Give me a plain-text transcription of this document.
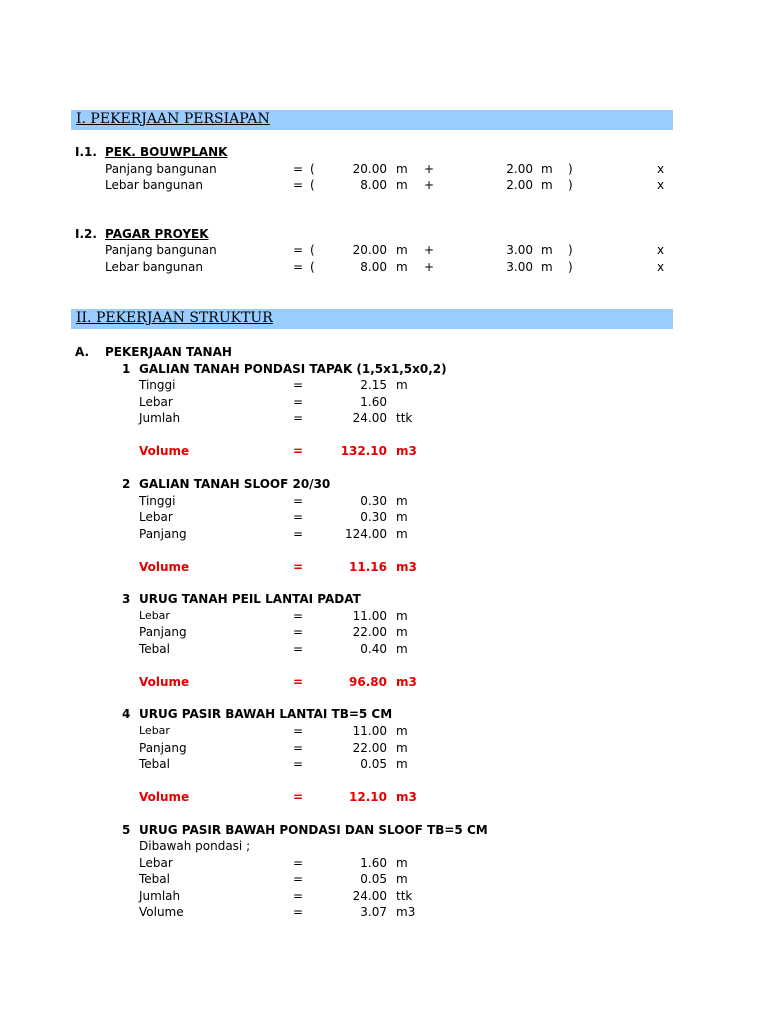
I. PEKERJAAN PERSIAPAN
I.1. PEK. BOUWPLANK
Panjang bangunan	= (	20.00 m +	2.00 m )	x
Lebar bangunan	= (	8.00 m +	2.00 m )	x
I.2. PAGAR PROYEK
Panjang bangunan	= (	20.00 m +	3.00 m )	x
Lebar bangunan	= (	8.00 m +	3.00 m )	x
II. PEKERJAAN STRUKTUR
A. PEKERJAAN TANAH
1 GALIAN TANAH PONDASI TAPAK (1,5x1,5x0,2)
Tinggi	=	2.15 m
Lebar	=	1.60
Jumlah	=	24.00 ttk
Volume	=	132.10 m3
2 GALIAN TANAH SLOOF 20/30
Tinggi	=	0.30 m
Lebar	=	0.30 m
Panjang	=	124.00 m
Volume	=	11.16 m3
3 URUG TANAH PEIL LANTAI PADAT
Lebar	=	11.00 m
Panjang	=	22.00 m
Tebal	=	0.40 m
Volume	=	96.80 m3
4 URUG PASIR BAWAH LANTAI TB=5 CM
Lebar	=	11.00 m
Panjang	=	22.00 m
Tebal	=	0.05 m
Volume	=	12.10 m3
5 URUG PASIR BAWAH PONDASI DAN SLOOF TB=5 CM
Dibawah pondasi ;
Lebar	=	1.60 m
Tebal	=	0.05 m
Jumlah	=	24.00 ttk
Volume	=	3.07 m3
